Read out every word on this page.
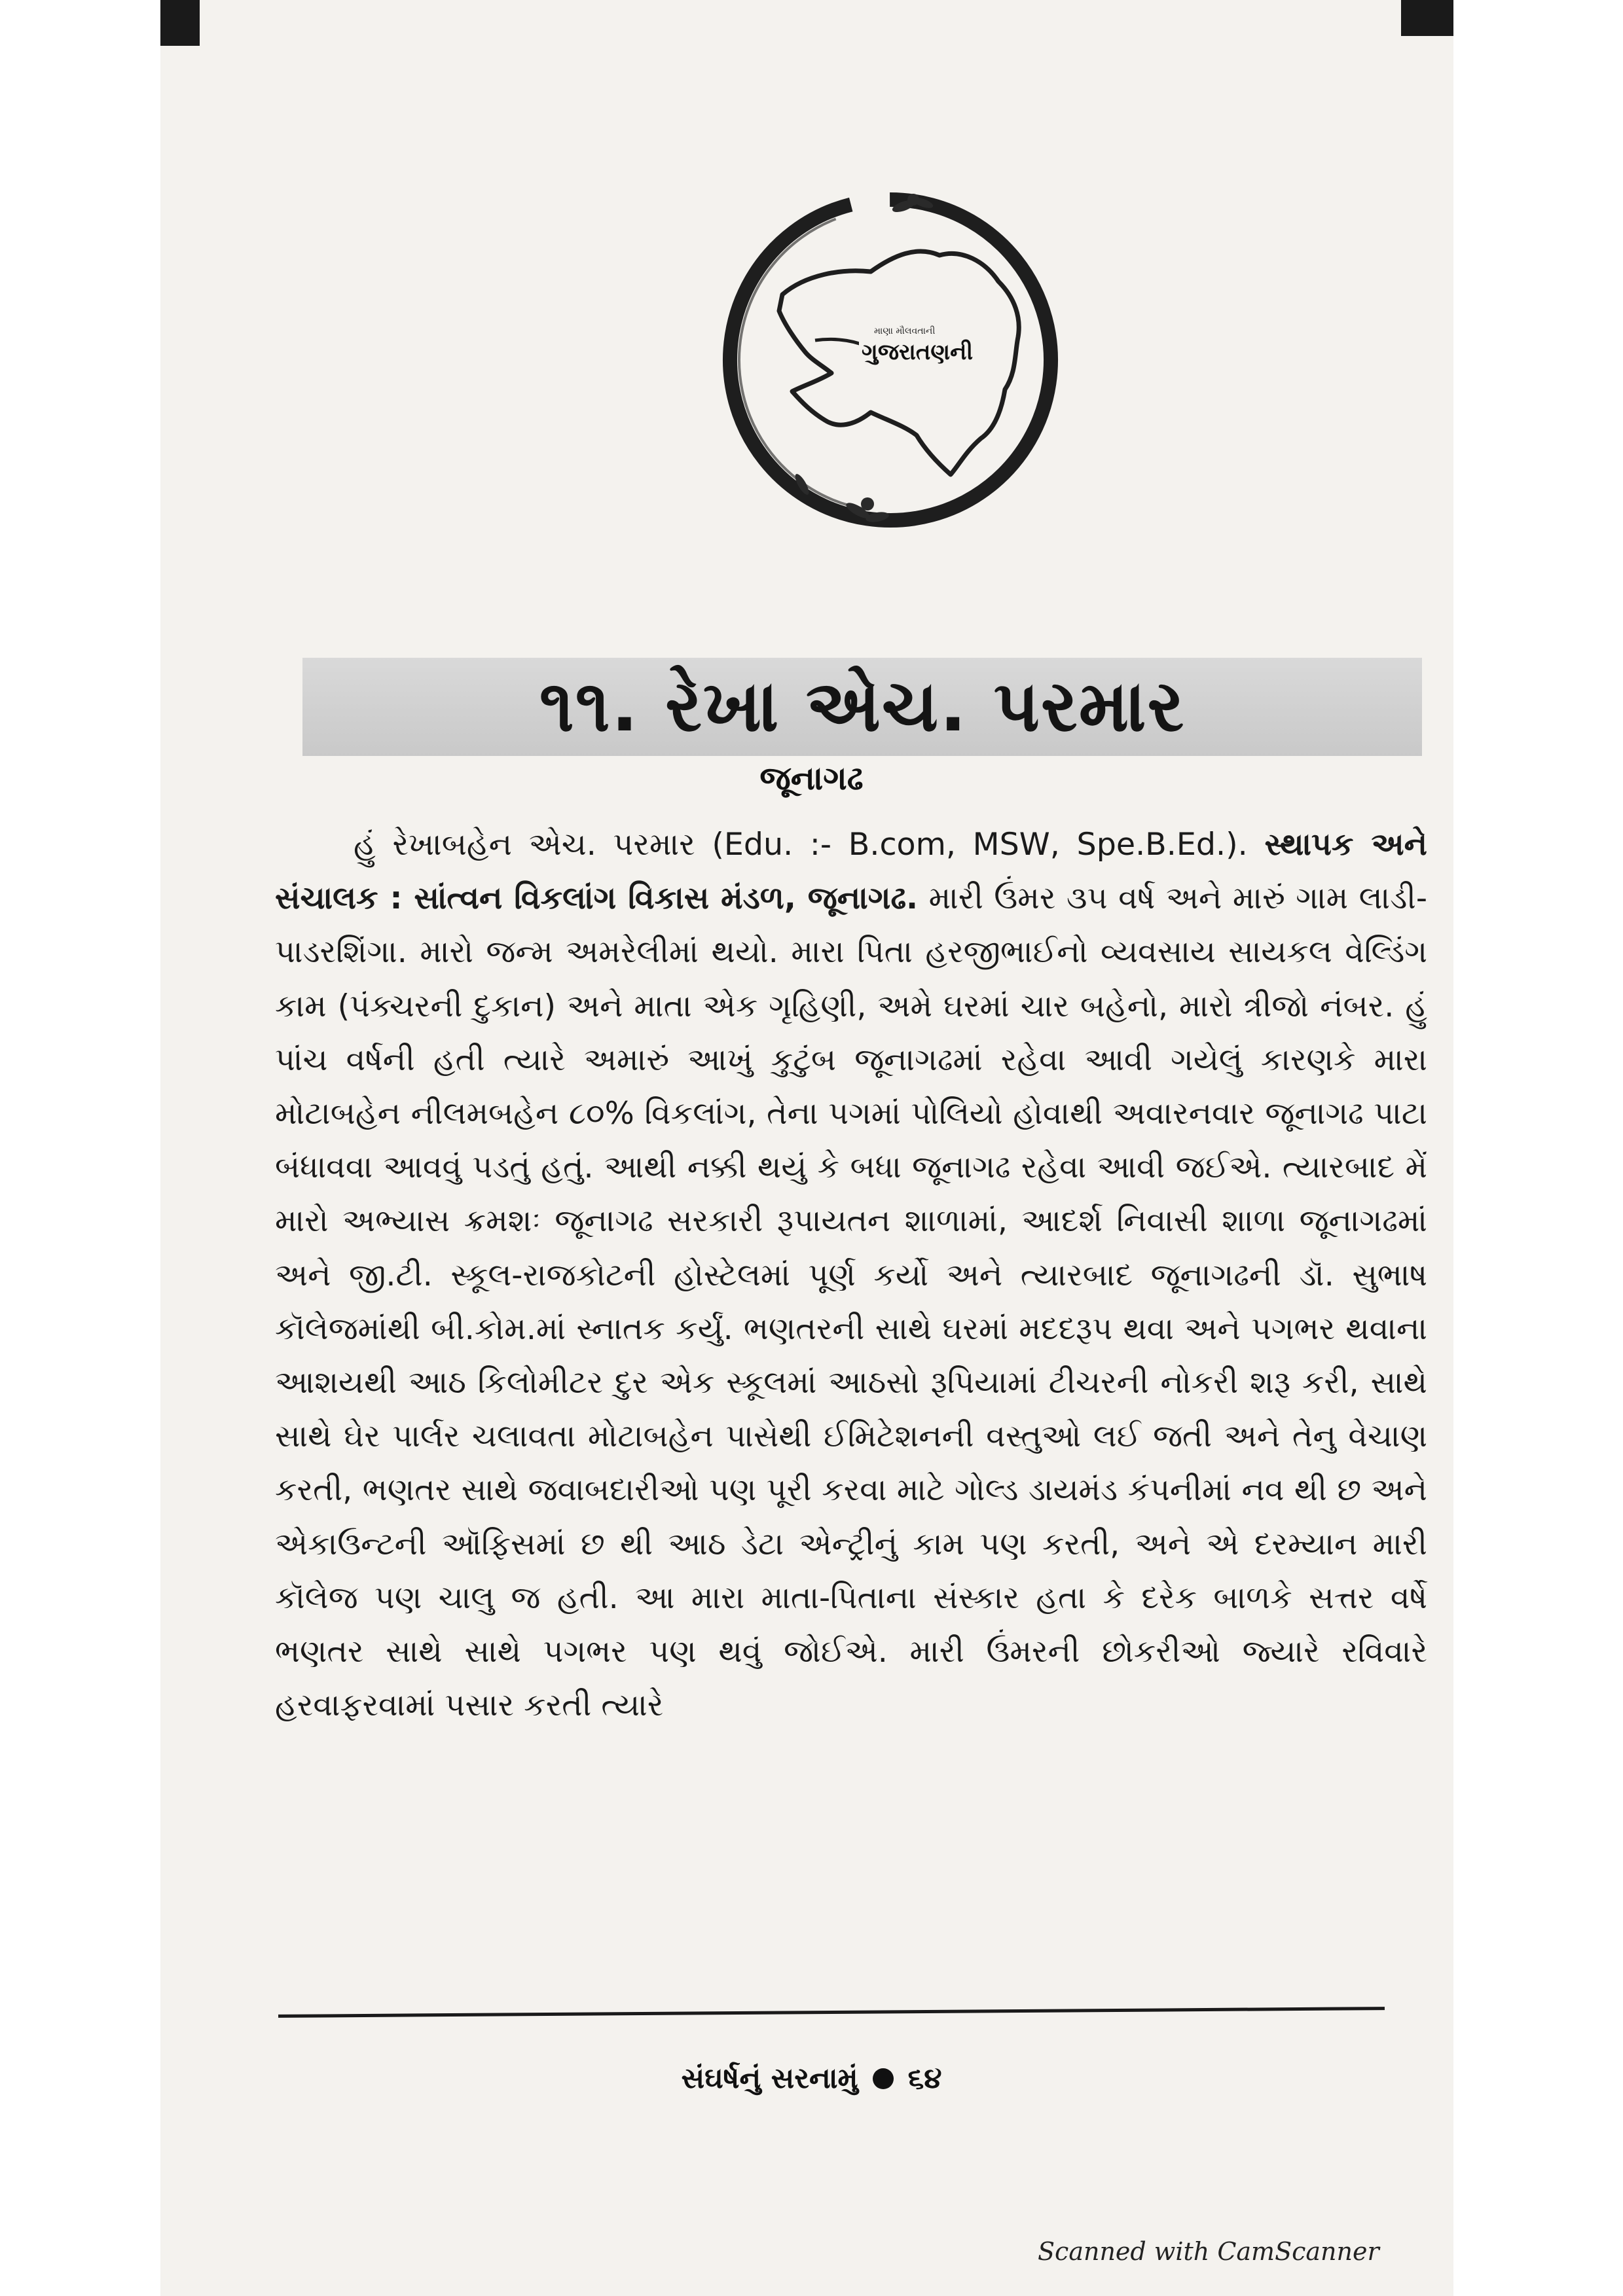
માણા મૌલવતાની
ગુજરાતણની
૧૧. રેખા એચ. પરમાર
જૂનાગઢ
હું રેખાબહેન એચ. પરમાર (Edu. :- B.com, MSW, Spe.B.Ed.). સ્થાપક અને સંચાલક : સાંત્વન વિકલાંગ વિકાસ મંડળ, જૂનાગઢ. મારી ઉંમર ૩૫ વર્ષ અને મારું ગામ લાડી-પાડરશિંગા. મારો જન્મ અમરેલીમાં થયો. મારા પિતા હરજીભાઈનો વ્યવસાય સાયકલ વેલ્ડિંગ કામ (પંક્ચરની દુકાન) અને માતા એક ગૃહિણી, અમે ઘરમાં ચાર બહેનો, મારો ત્રીજો નંબર. હું પાંચ વર્ષની હતી ત્યારે અમારું આખું કુટુંબ જૂનાગઢમાં રહેવા આવી ગયેલું કારણકે મારા મોટાબહેન નીલમબહેન ૮૦% વિકલાંગ, તેના પગમાં પોલિયો હોવાથી અવારનવાર જૂનાગઢ પાટા બંધાવવા આવવું પડતું હતું. આથી નક્કી થયું કે બધા જૂનાગઢ રહેવા આવી જઈએ. ત્યારબાદ મેં મારો અભ્યાસ ક્રમશઃ જૂનાગઢ સરકારી રૂપાયતન શાળામાં, આદર્શ નિવાસી શાળા જૂનાગઢમાં અને જી.ટી. સ્કૂલ-રાજકોટની હોસ્ટેલમાં પૂર્ણ કર્યો અને ત્યારબાદ જૂનાગઢની ડૉ. સુભાષ કૉલેજમાંથી બી.કોમ.માં સ્નાતક કર્યું. ભણતરની સાથે ઘરમાં મદદરૂપ થવા અને પગભર થવાના આશયથી આઠ કિલોમીટર દુર એક સ્કૂલમાં આઠસો રૂપિયામાં ટીચરની નોકરી શરૂ કરી, સાથે સાથે ઘેર પાર્લર ચલાવતા મોટાબહેન પાસેથી ઈમિટેશનની વસ્તુઓ લઈ જતી અને તેનુ વેચાણ કરતી, ભણતર સાથે જવાબદારીઓ પણ પૂરી કરવા માટે ગોલ્ડ ડાયમંડ કંપનીમાં નવ થી છ અને એકાઉન્ટની ઑફિસમાં છ થી આઠ ડેટા એન્ટ્રીનું કામ પણ કરતી, અને એ દરમ્યાન મારી કૉલેજ પણ ચાલુ જ હતી. આ મારા માતા-પિતાના સંસ્કાર હતા કે દરેક બાળકે સત્તર વર્ષે ભણતર સાથે સાથે પગભર પણ થવું જોઈએ. મારી ઉંમરની છોકરીઓ જ્યારે રવિવારે હરવાફરવામાં પસાર કરતી ત્યારે
સંઘર્ષનું સરનામું ૬૪
Scanned with CamScanner
